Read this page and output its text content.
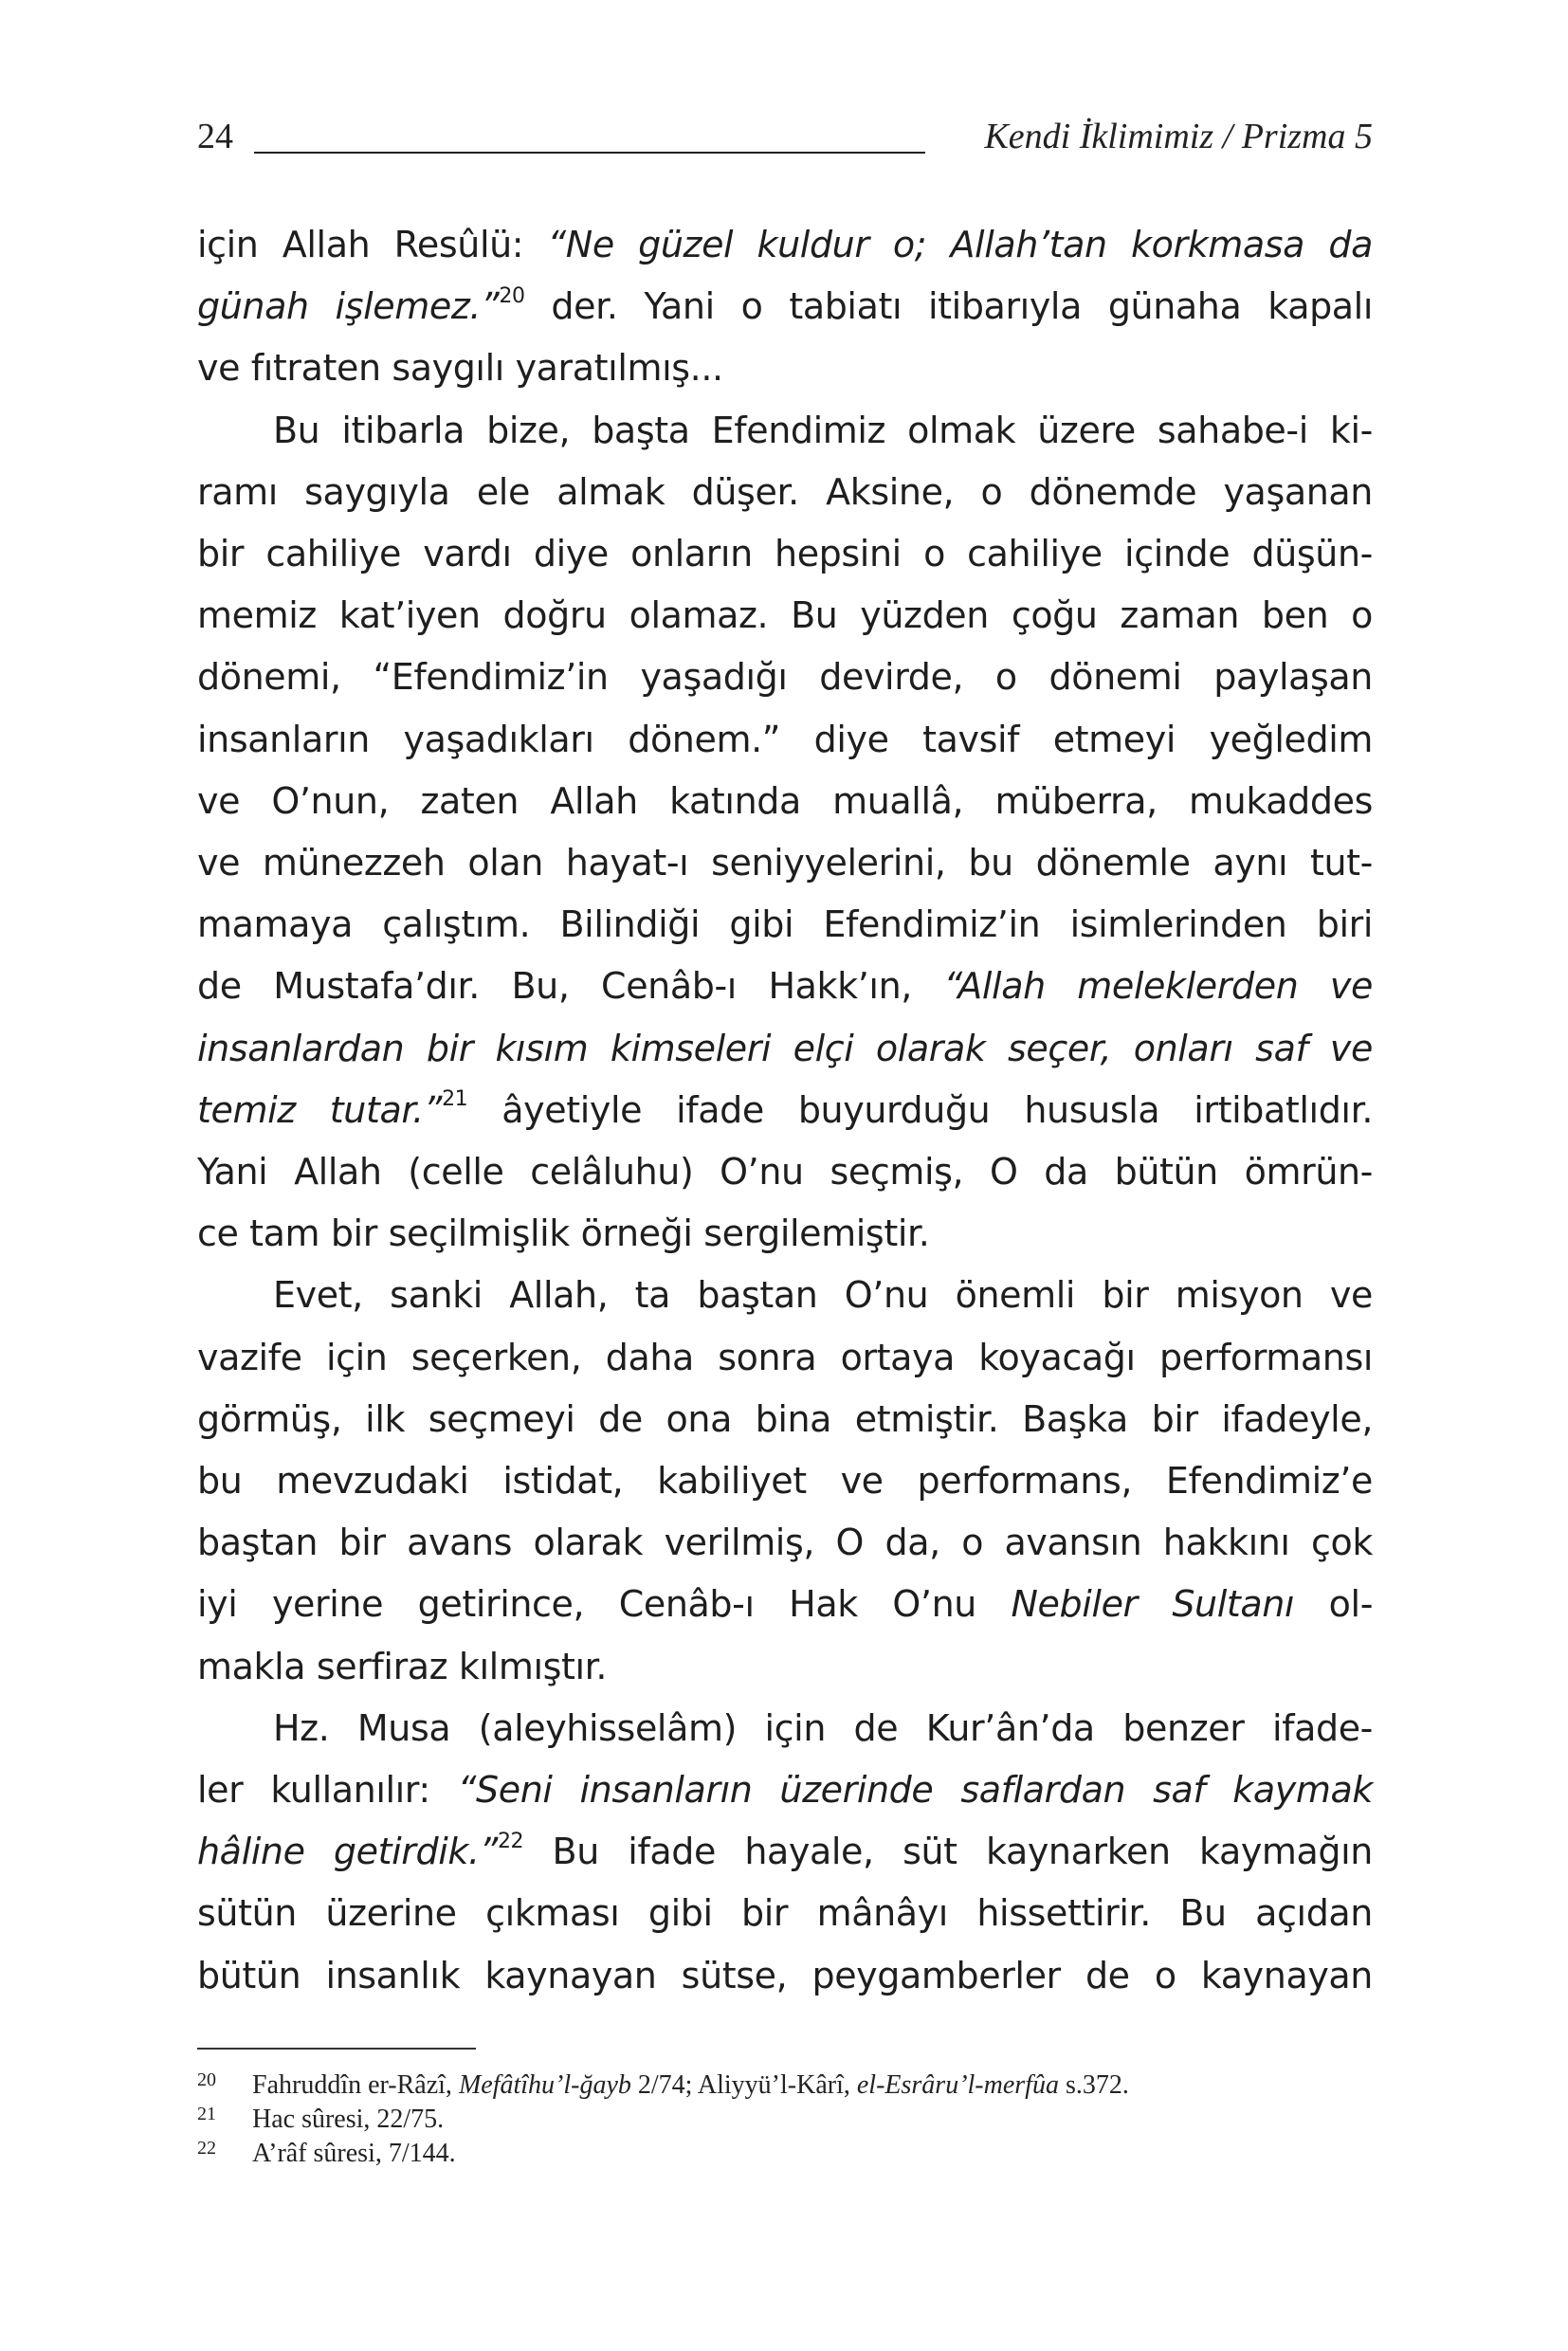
24	Kendi İklimimiz / Prizma 5

için Allah Resûlü: “Ne güzel kuldur o; Allah’tan korkmasa da
günah işlemez.”$^{20}$ der. Yani o tabiatı itibarıyla günaha kapalı
ve fıtraten saygılı yaratılmış...

Bu itibarla bize, başta Efendimiz olmak üzere sahabe-i ki-
ramı saygıyla ele almak düşer. Aksine, o dönemde yaşanan
bir cahiliye vardı diye onların hepsini o cahiliye içinde düşün-
memiz kat’iyen doğru olamaz. Bu yüzden çoğu zaman ben o
dönemi, “Efendimiz’in yaşadığı devirde, o dönemi paylaşan
insanların yaşadıkları dönem.” diye tavsif etmeyi yeğledim
ve O’nun, zaten Allah katında muallâ, müberra, mukaddes
ve münezzeh olan hayat-ı seniyyelerini, bu dönemle aynı tut-
mamaya çalıştım. Bilindiği gibi Efendimiz’in isimlerinden biri
de Mustafa’dır. Bu, Cenâb-ı Hakk’ın, “Allah meleklerden ve
insanlardan bir kısım kimseleri elçi olarak seçer, onları saf ve
temiz tutar.”$^{21}$ âyetiyle ifade buyurduğu hususla irtibatlıdır.
Yani Allah (celle celâluhu) O’nu seçmiş, O da bütün ömrün-
ce tam bir seçilmişlik örneği sergilemiştir.

Evet, sanki Allah, ta baştan O’nu önemli bir misyon ve
vazife için seçerken, daha sonra ortaya koyacağı performansı
görmüş, ilk seçmeyi de ona bina etmiştir. Başka bir ifadeyle,
bu mevzudaki istidat, kabiliyet ve performans, Efendimiz’e
baştan bir avans olarak verilmiş, O da, o avansın hakkını çok
iyi yerine getirince, Cenâb-ı Hak O’nu Nebiler Sultanı ol-
makla serfiraz kılmıştır.

Hz. Musa (aleyhisselâm) için de Kur’ân’da benzer ifade-
ler kullanılır: “Seni insanların üzerinde saflardan saf kaymak
hâline getirdik.”$^{22}$ Bu ifade hayale, süt kaynarken kaymağın
sütün üzerine çıkması gibi bir mânâyı hissettirir. Bu açıdan
bütün insanlık kaynayan sütse, peygamberler de o kaynayan

20 Fahruddîn er-Râzî, Mefâtîhu’l-ğayb 2/74; Aliyyü’l-Kârî, el-Esrâru’l-merfûa s.372.
21 Hac sûresi, 22/75.
22 A’râf sûresi, 7/144.
